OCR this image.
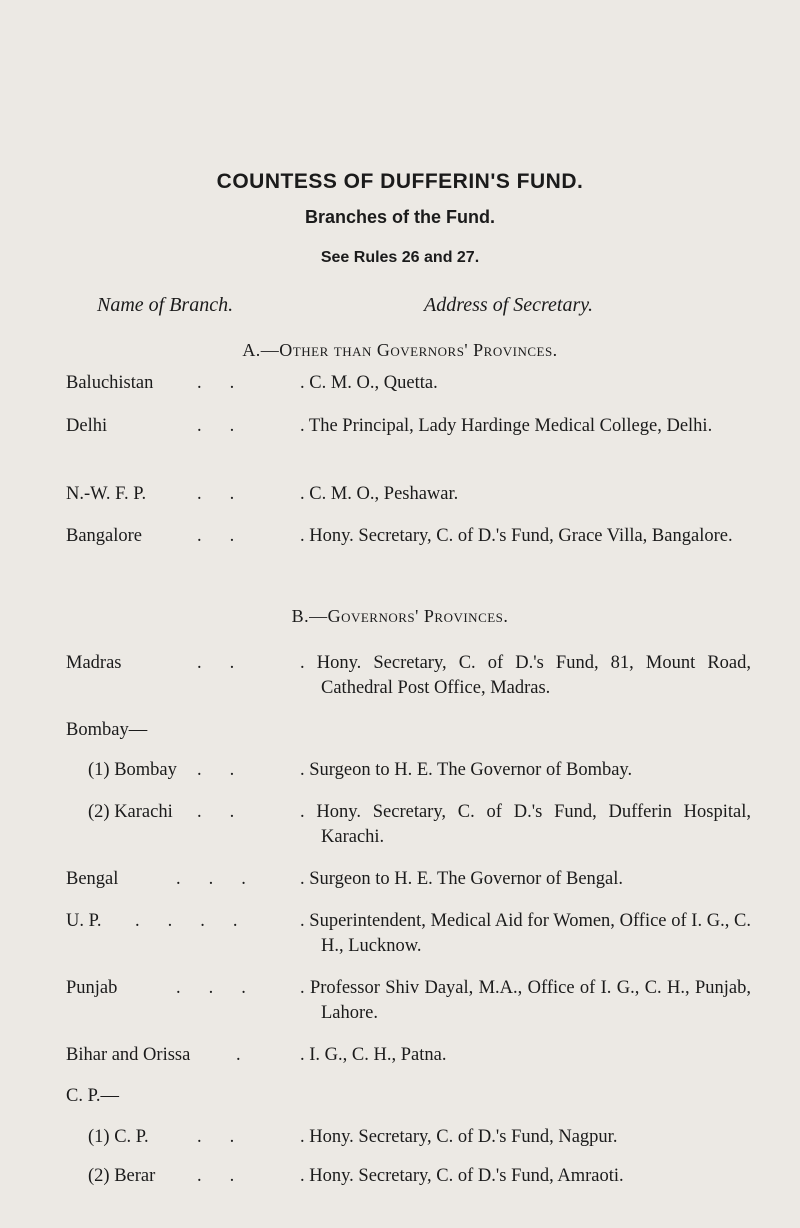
COUNTESS OF DUFFERIN'S FUND.
Branches of the Fund.
See Rules 26 and 27.
Name of Branch.	Address of Secretary.
A.—Other than Governors' Provinces.
Baluchistan .. . C. M. O., Quetta.
Delhi	.. . The Principal, Lady Hardinge Medical College, Delhi.
N.-W. F. P.	.. . C. M. O., Peshawar.
Bangalore	.. . Hony. Secretary, C. of D.'s Fund, Grace Villa, Bangalore.
B.—Governors' Provinces.
Madras	.. . Hony. Secretary, C. of D.'s Fund, 81, Mount Road, Cathedral Post Office, Madras.
Bombay—
(1) Bombay .. . Surgeon to H. E. The Governor of Bombay.
(2) Karachi .. . Hony. Secretary, C. of D.'s Fund, Dufferin Hospital, Karachi.
Bengal	... . Surgeon to H. E. The Governor of Bengal.
U. P. .... . Superintendent, Medical Aid for Women, Office of I. G., C. H., Lucknow.
Punjab	... . Professor Shiv Dayal, M.A., Office of I. G., C. H., Punjab, Lahore.
Bihar and Orissa . . I. G., C. H., Patna.
C. P.—
(1) C. P.	.. . Hony. Secretary, C. of D.'s Fund, Nagpur.
(2) Berar .. . Hony. Secretary, C. of D.'s Fund, Amraoti.
